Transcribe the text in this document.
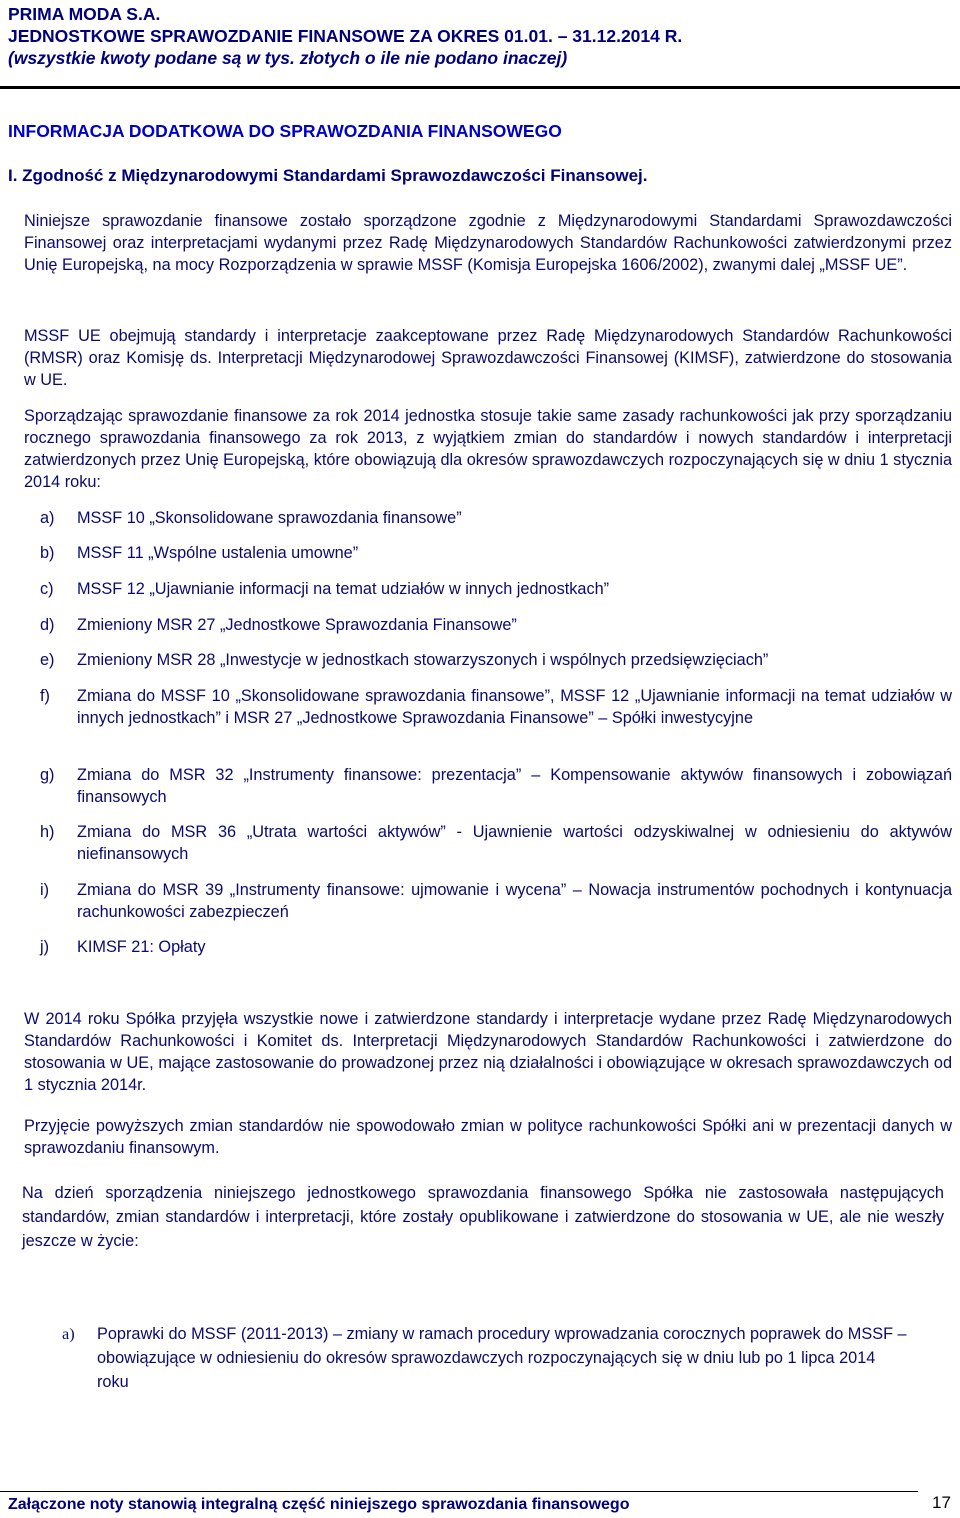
PRIMA MODA S.A.
JEDNOSTKOWE SPRAWOZDANIE FINANSOWE ZA OKRES 01.01. – 31.12.2014 R.
(wszystkie kwoty podane są w tys. złotych o ile nie podano inaczej)
INFORMACJA DODATKOWA DO SPRAWOZDANIA FINANSOWEGO
I. Zgodność z Międzynarodowymi Standardami Sprawozdawczości Finansowej.

Niniejsze sprawozdanie finansowe zostało sporządzone zgodnie z Międzynarodowymi Standardami Sprawozdawczości Finansowej oraz interpretacjami wydanymi przez Radę Międzynarodowych Standardów Rachunkowości zatwierdzonymi przez Unię Europejską, na mocy Rozporządzenia w sprawie MSSF (Komisja Europejska 1606/2002), zwanymi dalej „MSSF UE”.

MSSF UE obejmują standardy i interpretacje zaakceptowane przez Radę Międzynarodowych Standardów Rachunkowości (RMSR) oraz Komisję ds. Interpretacji Międzynarodowej Sprawozdawczości Finansowej (KIMSF), zatwierdzone do stosowania w UE.

Sporządzając sprawozdanie finansowe za rok 2014 jednostka stosuje takie same zasady rachunkowości jak przy sporządzaniu rocznego sprawozdania finansowego za rok 2013, z wyjątkiem zmian do standardów i nowych standardów i interpretacji zatwierdzonych przez Unię Europejską, które obowiązują dla okresów sprawozdawczych rozpoczynających się w dniu 1 stycznia 2014 roku:

a) MSSF 10 „Skonsolidowane sprawozdania finansowe”
b) MSSF 11 „Wspólne ustalenia umowne”
c) MSSF 12 „Ujawnianie informacji na temat udziałów w innych jednostkach”
d) Zmieniony MSR 27 „Jednostkowe Sprawozdania Finansowe”
e) Zmieniony MSR 28 „Inwestycje w jednostkach stowarzyszonych i wspólnych przedsięwzięciach”
f) Zmiana do MSSF 10 „Skonsolidowane sprawozdania finansowe”, MSSF 12 „Ujawnianie informacji na temat udziałów w innych jednostkach” i MSR 27 „Jednostkowe Sprawozdania Finansowe” – Spółki inwestycyjne
g) Zmiana do MSR 32 „Instrumenty finansowe: prezentacja” – Kompensowanie aktywów finansowych i zobowiązań finansowych
h) Zmiana do MSR 36 „Utrata wartości aktywów” - Ujawnienie wartości odzyskiwalnej w odniesieniu do aktywów niefinansowych
i) Zmiana do MSR 39 „Instrumenty finansowe: ujmowanie i wycena” – Nowacja instrumentów pochodnych i kontynuacja rachunkowości zabezpieczeń
j) KIMSF 21: Opłaty

W 2014 roku Spółka przyjęła wszystkie nowe i zatwierdzone standardy i interpretacje wydane przez Radę Międzynarodowych Standardów Rachunkowości i Komitet ds. Interpretacji Międzynarodowych Standardów Rachunkowości i zatwierdzone do stosowania w UE, mające zastosowanie do prowadzonej przez nią działalności i obowiązujące w okresach sprawozdawczych od 1 stycznia 2014r.

Przyjęcie powyższych zmian standardów nie spowodowało zmian w polityce rachunkowości Spółki ani w prezentacji danych w sprawozdaniu finansowym.

Na dzień sporządzenia niniejszego jednostkowego sprawozdania finansowego Spółka nie zastosowała następujących standardów, zmian standardów i interpretacji, które zostały opublikowane i zatwierdzone do stosowania w UE, ale nie weszły jeszcze w życie:

a) Poprawki do MSSF (2011-2013) – zmiany w ramach procedury wprowadzania corocznych poprawek do MSSF – obowiązujące w odniesieniu do okresów sprawozdawczych rozpoczynających się w dniu lub po 1 lipca 2014 roku
Załączone noty stanowią integralną część niniejszego sprawozdania finansowego	17
